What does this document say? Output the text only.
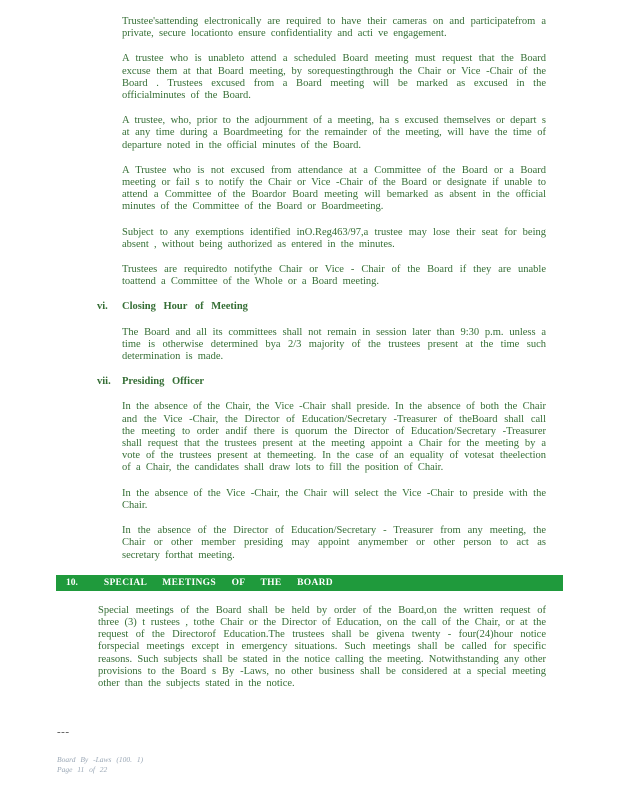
Trustee'sattending electronically are required to have their cameras on and participatefrom a private, secure locationto ensure confidentiality and acti ve engagement.

A trustee who is unableto attend a scheduled Board meeting must request that the Board excuse them at that Board meeting, by sorequestingthrough the Chair or Vice -Chair of the Board . Trustees excused from a Board meeting will be marked as excused in the officialminutes of the Board.

A trustee, who, prior to the adjournment of a meeting, ha s excused themselves or depart s at any time during a Boardmeeting for the remainder of the meeting, will have the time of departure noted in the official minutes of the Board.

A Trustee who is not excused from attendance at a Committee of the Board or a Board meeting or fail s to notify the Chair or Vice -Chair of the Board or designate if unable to attend a Committee of the Boardor Board meeting will bemarked as absent in the official minutes of the Committee of the Board or Boardmeeting.

Subject to any exemptions identified inO.Reg463/97,a trustee may lose their seat for being absent , without being authorized as entered in the minutes.

Trustees are requiredto notifythe Chair or Vice - Chair of the Board if they are unable toattend a Committee of the Whole or a Board meeting.

vi.	Closing Hour of Meeting

The Board and all its committees shall not remain in session later than 9:30 p.m. unless a time is otherwise determined bya 2/3 majority of the trustees present at the time such determination is made.

vii.	Presiding Officer

In the absence of the Chair, the Vice -Chair shall preside. In the absence of both the Chair and the Vice -Chair, the Director of Education/Secretary -Treasurer of theBoard shall call the meeting to order andif there is quorum the Director of Education/Secretary -Treasurer shall request that the trustees present at the meeting appoint a Chair for the meeting by a vote of the trustees present at themeeting. In the case of an equality of votesat theelection of a Chair, the candidates shall draw lots to fill the position of Chair.

In the absence of the Vice -Chair, the Chair will select the Vice -Chair to preside with the Chair.

In the absence of the Director of Education/Secretary - Treasurer from any meeting, the Chair or other member presiding may appoint anymember or other person to act as secretary forthat meeting.

10.	SPECIAL MEETINGS OF THE BOARD

Special meetings of the Board shall be held by order of the Board,on the written request of three (3) t rustees , tothe Chair or the Director of Education, on the call of the Chair, or at the request of the Directorof Education.The trustees shall be givena twenty - four(24)hour notice forspecial meetings except in emergency situations. Such meetings shall be called for specific reasons. Such subjects shall be stated in the notice calling the meeting. Notwithstanding any other provisions to the Board s By -Laws, no other business shall be considered at a special meeting other than the subjects stated in the notice.

---
Board By -Laws (100. 1)
Page 11 of 22
